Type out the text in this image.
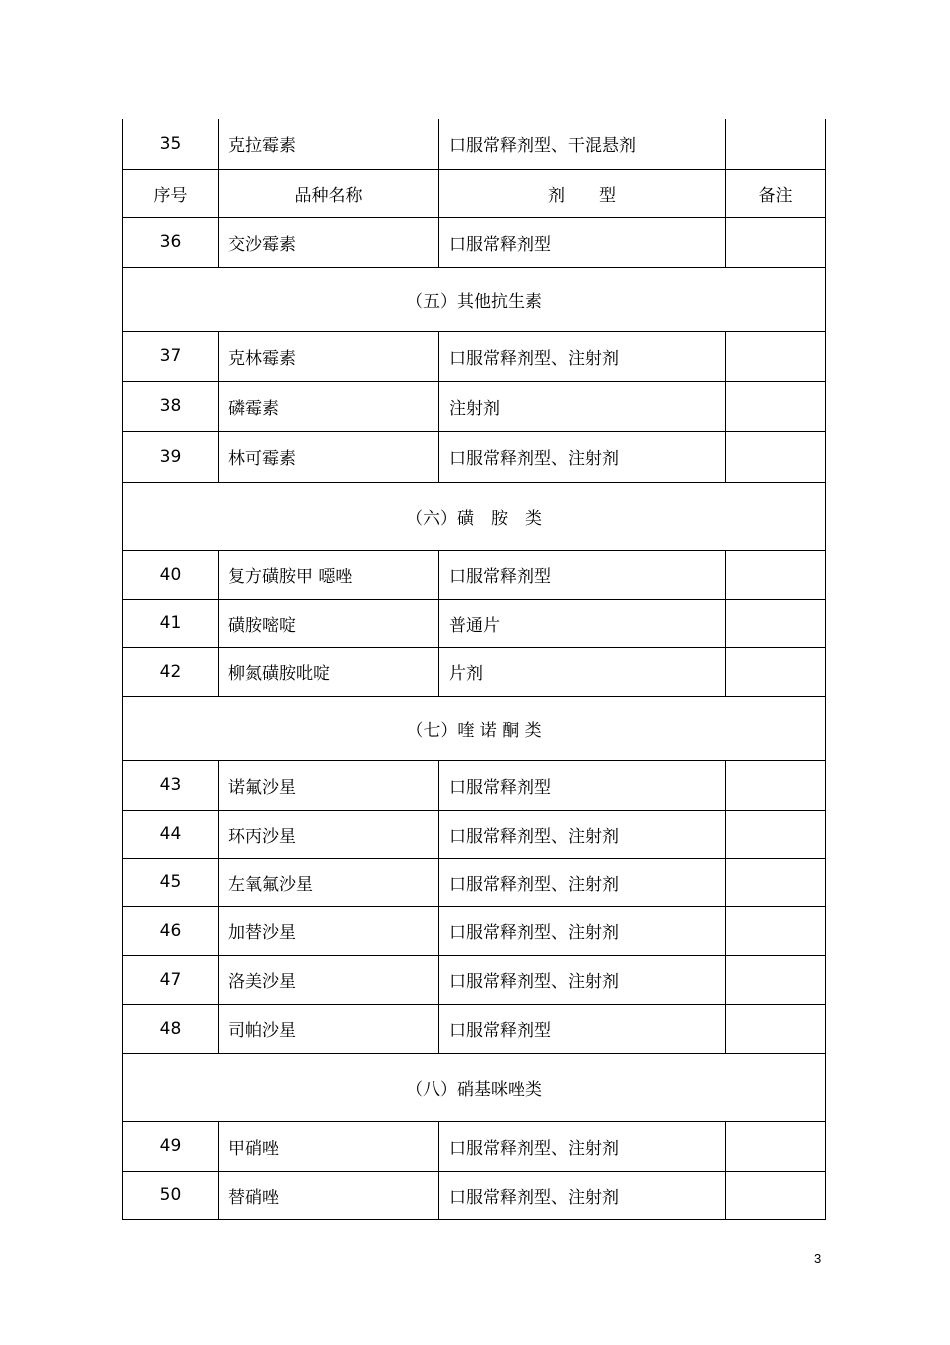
35	克拉霉素	口服常释剂型、干混悬剂	
序号	品种名称	剂　　型	备注
36	交沙霉素	口服常释剂型	
（五）其他抗生素			
37	克林霉素	口服常释剂型、注射剂	
38	磷霉素	注射剂	
39	林可霉素	口服常释剂型、注射剂	
（六）磺　胺　类			
40	复方磺胺甲 噁唑	口服常释剂型	
41	磺胺嘧啶	普通片	
42	柳氮磺胺吡啶	片剂	
（七）喹 诺 酮 类			
43	诺氟沙星	口服常释剂型	
44	环丙沙星	口服常释剂型、注射剂	
45	左氧氟沙星	口服常释剂型、注射剂	
46	加替沙星	口服常释剂型、注射剂	
47	洛美沙星	口服常释剂型、注射剂	
48	司帕沙星	口服常释剂型	
（八）硝基咪唑类			
49	甲硝唑	口服常释剂型、注射剂	
50	替硝唑	口服常释剂型、注射剂	
3
